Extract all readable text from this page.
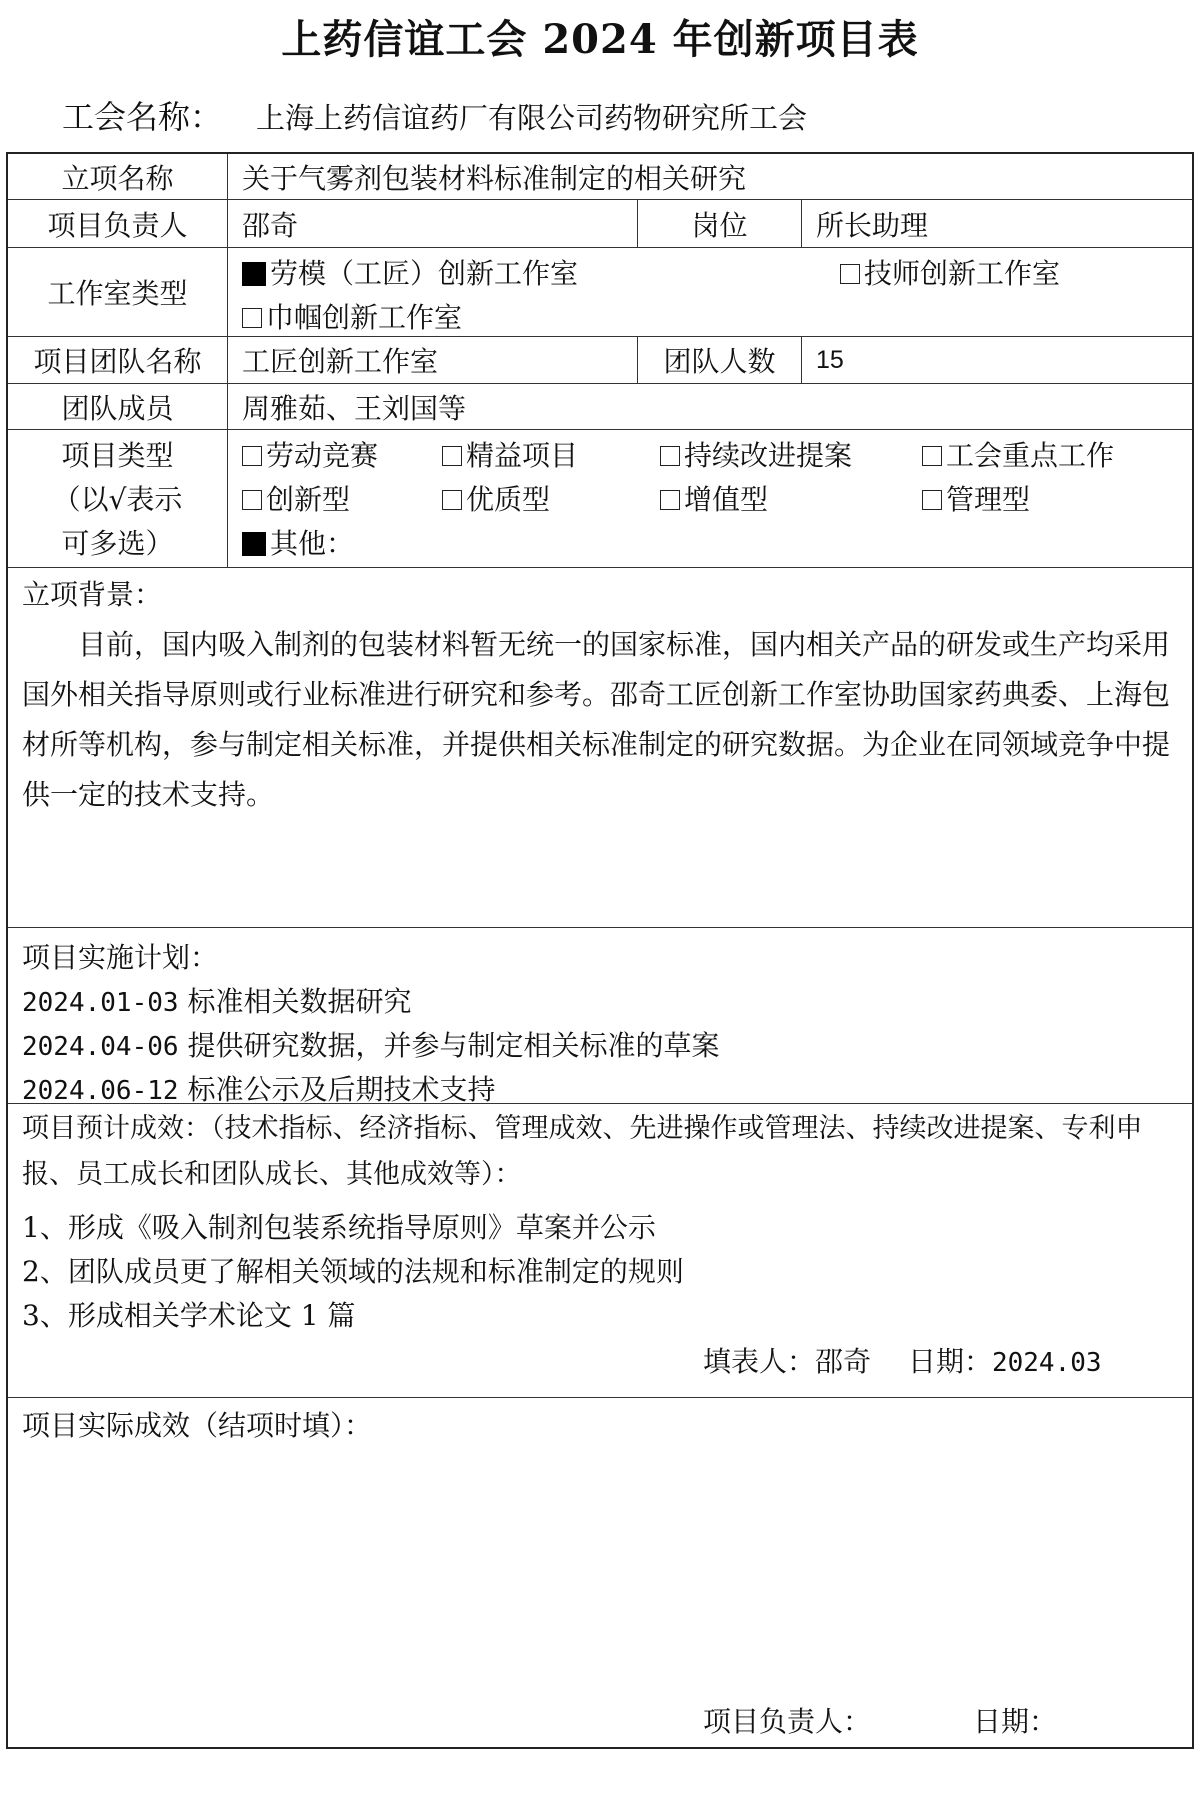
上药信谊工会 2024 年创新项目表
工会名称： 上海上药信谊药厂有限公司药物研究所工会
立项名称	关于气雾剂包装材料标准制定的相关研究
项目负责人	邵奇	岗位	所长助理
工作室类型
劳模（工匠）创新工作室	技师创新工作室
巾帼创新工作室
项目团队名称	工匠创新工作室	团队人数	15
团队成员	周雅茹、王刘国等
项目类型
（以√表示
可多选）
劳动竞赛	精益项目	持续改进提案	工会重点工作
创新型	优质型	增值型	管理型
其他：
立项背景：
目前，国内吸入制剂的包装材料暂无统一的国家标准，国内相关产品的研发或生产均采用国外相关指导原则或行业标准进行研究和参考。邵奇工匠创新工作室协助国家药典委、上海包材所等机构，参与制定相关标准，并提供相关标准制定的研究数据。为企业在同领域竞争中提供一定的技术支持。
项目实施计划：
2024.01-03 标准相关数据研究
2024.04-06 提供研究数据，并参与制定相关标准的草案
2024.06-12 标准公示及后期技术支持
项目预计成效：（技术指标、经济指标、管理成效、先进操作或管理法、持续改进提案、专利申报、员工成长和团队成长、其他成效等）：
1、形成《吸入制剂包装系统指导原则》草案并公示
2、团队成员更了解相关领域的法规和标准制定的规则
3、形成相关学术论文 1 篇
填表人：邵奇 日期：2024.03
项目实际成效（结项时填）：
项目负责人：	日期：
